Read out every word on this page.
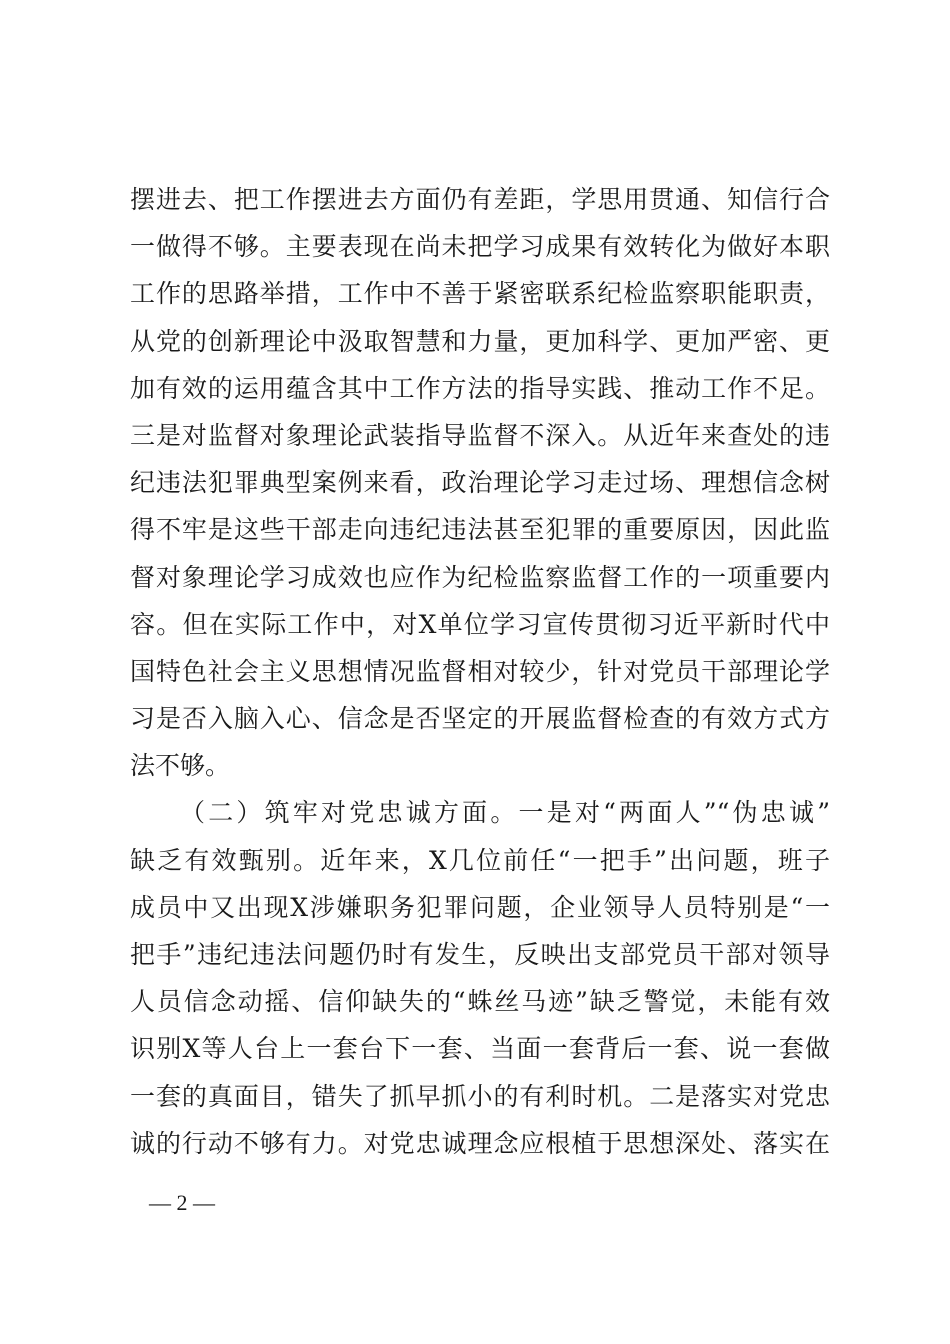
摆进去、把工作摆进去方面仍有差距，学思用贯通、知信行合
一做得不够。主要表现在尚未把学习成果有效转化为做好本职
工作的思路举措，工作中不善于紧密联系纪检监察职能职责，
从党的创新理论中汲取智慧和力量，更加科学、更加严密、更
加有效的运用蕴含其中工作方法的指导实践、推动工作不足。
三是对监督对象理论武装指导监督不深入。从近年来查处的违
纪违法犯罪典型案例来看，政治理论学习走过场、理想信念树
得不牢是这些干部走向违纪违法甚至犯罪的重要原因，因此监
督对象理论学习成效也应作为纪检监察监督工作的一项重要内
容。但在实际工作中，对X单位学习宣传贯彻习近平新时代中
国特色社会主义思想情况监督相对较少，针对党员干部理论学
习是否入脑入心、信念是否坚定的开展监督检查的有效方式方
法不够。
（二）筑牢对党忠诚方面。一是对“两面人”“伪忠诚”
缺乏有效甄别。近年来，X几位前任“一把手”出问题，班子
成员中又出现X涉嫌职务犯罪问题，企业领导人员特别是“一
把手”违纪违法问题仍时有发生，反映出支部党员干部对领导
人员信念动摇、信仰缺失的“蛛丝马迹”缺乏警觉，未能有效
识别X等人台上一套台下一套、当面一套背后一套、说一套做
一套的真面目，错失了抓早抓小的有利时机。二是落实对党忠
诚的行动不够有力。对党忠诚理念应根植于思想深处、落实在
— 2 —
